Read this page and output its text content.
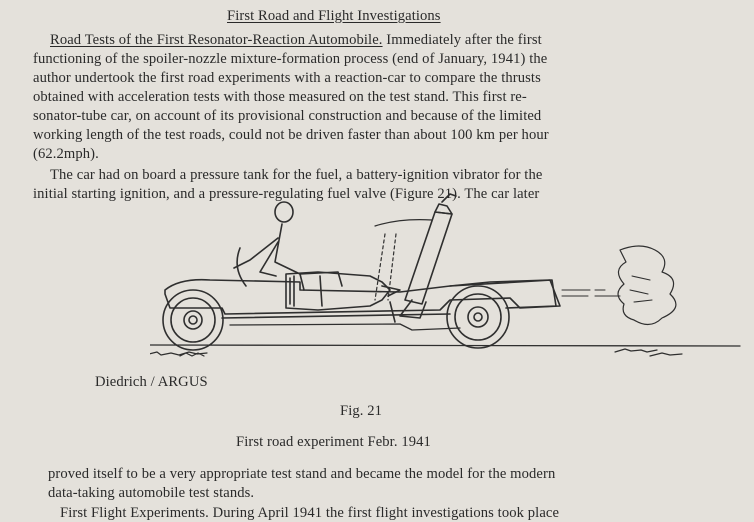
First Road and Flight Investigations
Road Tests of the First Resonator-Reaction Automobile. Immediately after the first
functioning of the spoiler-nozzle mixture-formation process (end of January, 1941) the
author undertook the first road experiments with a reaction-car to compare the thrusts
obtained with acceleration tests with those measured on the test stand. This first re-
sonator-tube car, on account of its provisional construction and because of the limited
working length of the test roads, could not be driven faster than about 100 km per hour
(62.2mph).
The car had on board a pressure tank for the fuel, a battery-ignition vibrator for the
initial starting ignition, and a pressure-regulating fuel valve (Figure 21). The car later
Diedrich / ARGUS
Fig. 21
First road experiment Febr. 1941
proved itself to be a very appropriate test stand and became the model for the modern
data-taking automobile test stands.
First Flight Experiments. During April 1941 the first flight investigations took place
